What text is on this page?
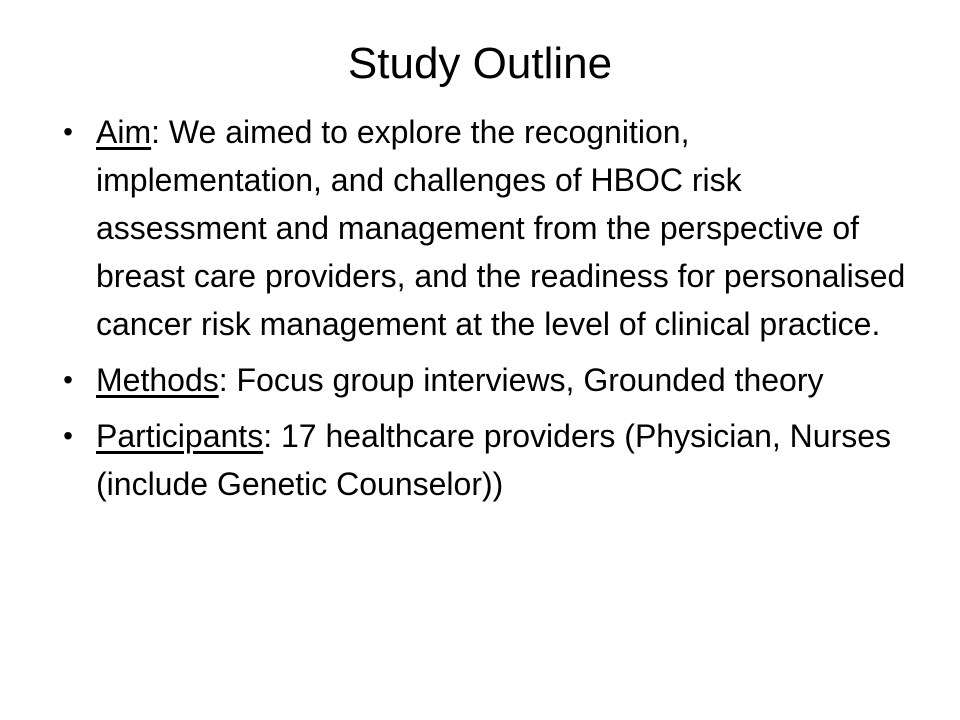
Study Outline
• Aim: We aimed to explore the recognition, implementation, and challenges of HBOC risk assessment and management from the perspective of breast care providers, and the readiness for personalised cancer risk management at the level of clinical practice.
• Methods: Focus group interviews, Grounded theory
• Participants: 17 healthcare providers (Physician, Nurses (include Genetic Counselor))
